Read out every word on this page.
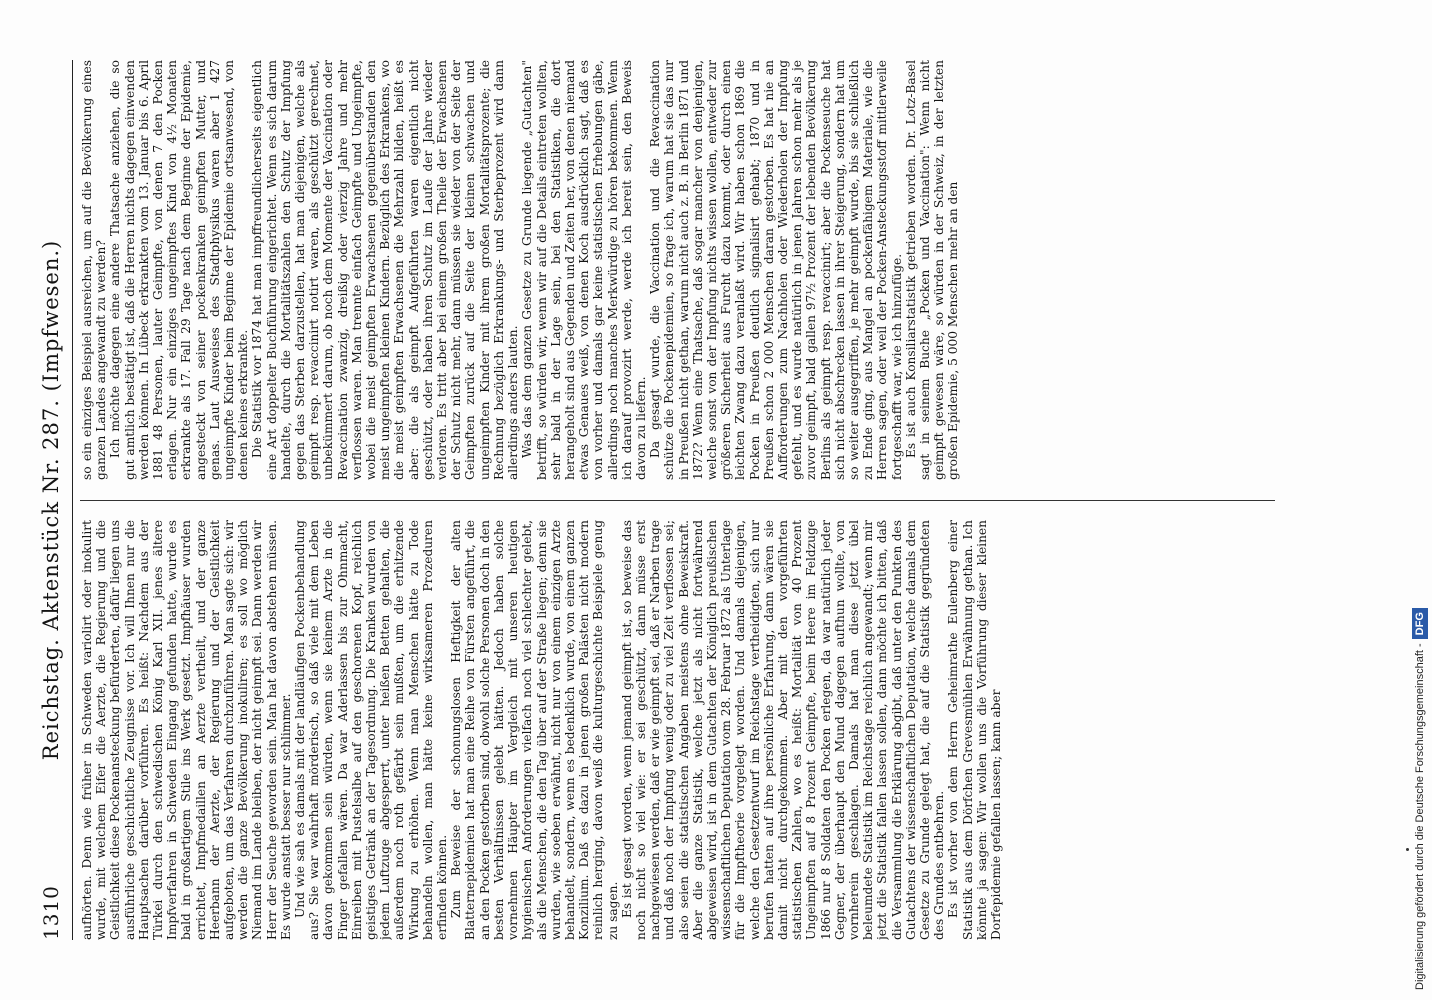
1310
Reichstag. Aktenstück Nr. 287. (Impfwesen.) aufhörten. Denn wie früher in Schweden variolirt oder inokulirt wurde, mit welchem Eifer die Aerzte, die Regierung und die Geistlichkeit diese Pockenansteckung befürderten, dafür liegen uns ausführliche geschichtliche Zeugnisse vor. Ich will Ihnen nur die Hauptsachen darüber vorführen. Es heißt: Nachdem aus der Türkei durch den schwedischen König Karl XII. jenes ältere Impfverfahren in Schweden Eingang gefunden hatte, wurde es bald in großartigem Stile ins Werk gesetzt. Impfhäuser wurden errichtet, Impfmedaillen an Aerzte vertheilt, und der ganze Heerbann der Aerzte, der Regierung und der Geistlichkeit aufgeboten, um das Verfahren durchzuführen. Man sagte sich: wir werden die ganze Bevölkerung inokuliren; es soll wo möglich Niemand im Lande bleiben, der nicht geimpft sei. Dann werden wir Herr der Seuche geworden sein. Man hat davon abstehen müssen. Es wurde anstatt besser nur schlimmer. Und wie sah es damals mit der landläufigen Pockenbehandlung aus? Sie war wahrhaft mörderisch, so daß viele mit dem Leben davon gekommen sein würden, wenn sie keinem Arzte in die Finger gefallen wären. Da war Aderlassen bis zur Ohnmacht, Einreiben mit Pustelsalbe auf den geschorenen Kopf, reichlich geistiges Getränk an der Tagesordnung. Die Kranken wurden von jedem Luftzuge abgesperrt, unter heißen Betten gehalten, die außerdem noch roth gefärbt sein mußten, um die erhitzende Wirkung zu erhöhen. Wenn man Menschen hätte zu Tode behandeln wollen, man hätte keine wirksameren Prozeduren erfinden können. Zum Beweise der schonungslosen Heftigkeit der alten Blatternepidemien hat man eine Reihe von Fürsten angeführt, die an den Pocken gestorben sind, obwohl solche Personen doch in den besten Verhältnissen gelebt hätten. Jedoch haben solche vornehmen Häupter im Vergleich mit unseren heutigen hygienischen Anforderungen vielfach noch viel schlechter gelebt, als die Menschen, die den Tag über auf der Straße liegen; denn sie wurden, wie soeben erwähnt, nicht nur von einem einzigen Arzte behandelt, sondern, wenn es bedenklich wurde, von einem ganzen Konzilium. Daß es dazu in jenen großen Palästen nicht modern reinlich herging, davon weiß die kulturgeschichte Beispiele genug zu sagen. Es ist gesagt worden, wenn jemand geimpft ist, so beweise das noch nicht so viel wie: er sei geschützt, dann müsse erst nachgewiesen werden, daß er wie geimpft sei, daß er Narben trage und daß noch der Impfung wenig oder zu viel Zeit verflossen sei; also seien die statistischen Angaben meistens ohne Beweiskraft. Aber die ganze Statistik, welche jetzt als nicht fortwährend abgeweisen wird, ist in dem Gutachten der Königlich preußischen wissenschaftlichen Deputation vom 28. Februar 1872 als Unterlage für die Impftheorie vorgelegt worden. Und damals diejenigen, welche den Gesetzentwurf im Reichstage vertheidigten, sich nur berufen hatten auf ihre persönliche Erfahrung, dann wären sie damit nicht durchgekommen. Aber mit den vorgeführten statistischen Zahlen, wo es heißt: Mortalität von 40 Prozent Ungeimpften auf 8 Prozent Geimpfte, beim Heere im Feldzuge 1866 nur 8 Soldaten den Pocken erlegen, da war natürlich jeder Gegner, der überhaupt den Mund dagegen aufthun wollte, von vornherein geschlagen. Damals hat man diese jetzt übel beleumdete Statistik im Reichstage reichlich angewandt; wenn mir jetzt die Statistik fallen lassen sollen, dann möchte ich bitten, daß die Versammlung die Erklärung abgibt, daß unter den Punkten des Gutachtens der wissenschaftlichen Deputation, welche damals dem Gesetze zu Grunde gelegt hat, die auf die Statistik gegründeten des Grundes entbehren. Es ist vorher von dem Herrn Geheimrathe Eulenberg einer Statistik aus dem Dörfchen Grevesmühlen Erwähnung gethan. Ich könnte ja sagen: Wir wollen uns die Vorführung dieser kleinen Dorfepidemie gefallen lassen; kann aber

so ein einziges Beispiel ausreichen, um auf die Bevölkerung eines ganzen Landes angewandt zu werden? Ich möchte dagegen eine andere Thatsache anziehen, die so gut amtlich bestätigt ist, daß die Herren nichts dagegen einwenden werden können. In Lübeck erkrankten vom 13. Januar bis 6. April 1881 48 Personen, lauter Geimpfte, von denen 7 den Pocken erlagen. Nur ein einziges ungeimpftes Kind von 4½ Monaten erkrankte als 17. Fall 29 Tage nach dem Beginne der Epidemie, angesteckt von seiner pockenkranken geimpften Mutter, und genas. Laut Ausweises des Stadtphysikus waren aber 1 427 ungeimpfte Kinder beim Beginne der Epidemie ortsanwesend, von denen keines erkrankte. Die Statistik vor 1874 hat man impffreundlicherseits eigentlich eine Art doppelter Buchführung eingerichtet. Wenn es sich darum handelte, durch die Mortalitätszahlen den Schutz der Impfung gegen das Sterben darzustellen, hat man diejenigen, welche als geimpft resp. revaccinirt notirt waren, als geschützt gerechnet, unbekümmert darum, ob noch dem Momente der Vaccination oder Revaccination zwanzig, dreißig oder vierzig Jahre und mehr verflossen waren. Man trennte einfach Geimpfte und Ungeimpfte, wobei die meist geimpften Erwachsenen gegenüberstanden den meist ungeimpften kleinen Kindern. Bezüglich des Erkrankens, wo die meist geimpften Erwachsenen die Mehrzahl bilden, heißt es aber: die als geimpft Aufgeführten waren eigentlich nicht geschützt, oder haben ihren Schutz im Laufe der Jahre wieder verloren. Es tritt aber bei einem großen Theile der Erwachsenen der Schutz nicht mehr, dann müssen sie wieder von der Seite der Geimpften zurück auf die Seite der kleinen schwachen und ungeimpften Kinder mit ihrem großen Mortalitätsprozente; die Rechnung bezüglich Erkrankungs- und Sterbeprozent wird dann allerdings anders lauten. Was das dem ganzen Gesetze zu Grunde liegende „Gutachten" betrifft, so würden wir, wenn wir auf die Details eintreten wollten, sehr bald in der Lage sein, bei den Statistiken, die dort herangeholt sind aus Gegenden und Zeiten her, von denen niemand etwas Genaues weiß, von denen Koch ausdrücklich sagt, daß es von vorher und damals gar keine statistischen Erhebungen gäbe, allerdings noch manches Merkwürdige zu hören bekommen. Wenn ich darauf provozirt werde, werde ich bereit sein, den Beweis davon zu liefern. Da gesagt wurde, die Vaccination und die Revaccination schütze die Pockenepidemien, so frage ich, warum hat sie das nur in Preußen nicht gethan, warum nicht auch z. B. in Berlin 1871 und 1872? Wenn eine Thatsache, daß sogar mancher von denjenigen, welche sonst von der Impfung nichts wissen wollen, entweder zur größeren Sicherheit aus Furcht dazu kommt, oder durch einen leichten Zwang dazu veranlaßt wird. Wir haben schon 1869 die Pocken in Preußen deutlich signalisirt gehabt; 1870 und in Preußen schon 2 000 Menschen daran gestorben. Es hat nie an Aufforderungen zum Nachholen oder Wiederholen der Impfung gefehlt, und es wurde natürlich in jenen Jahren schon mehr als je zuvor geimpft, bald gallen 97½ Prozent der lebenden Bevölkerung Berlins als geimpft resp. revaccinirt; aber die Pockenseuche hat sich nicht abschrecken lassen in ihrer Steigerung, sondern hat um so weiter ausgegriffen, je mehr geimpft wurde, bis sie schließlich zu Ende ging, aus Mangel an pockenfähigem Materiale, wie die Herren sagen, oder weil der Pocken-Ansteckungsstoff mittlerweile fortgeschafft war, wie ich hinzufüge. Es ist auch Konsiliarstatistik getrieben worden. Dr. Lotz-Basel sagt in seinem Buche „Pocken und Vaccination": Wenn nicht geimpft gewesen wäre, so würden in der Schweiz, in der letzten großen Epidemie, 5 000 Menschen mehr an den

Digitalisierung gefördert durch die Deutsche Forschungsgemeinschaft -
DFG
